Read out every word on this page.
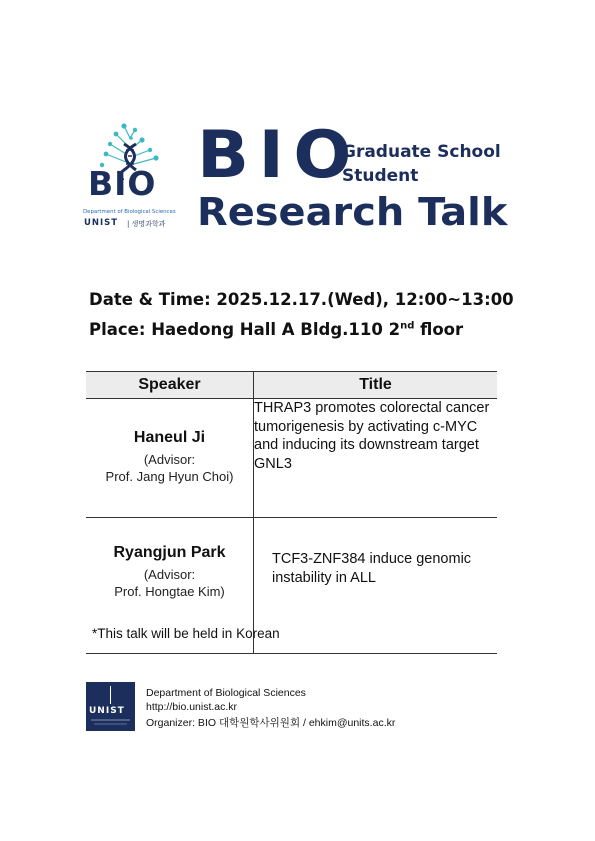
BIO
Department of Biological Sciences
UNIST | 생명과학과
BIO
Graduate School
Student
Research Talk
Date & Time: 2025.12.17.(Wed), 12:00~13:00
Place: Haedong Hall A Bldg.110 2nd floor
Speaker	Title

Haneul Ji
(Advisor:
Prof. Jang Hyun Choi)	THRAP3 promotes colorectal cancer tumorigenesis by activating c-MYC and inducing its downstream target GNL3

Ryangjun Park
(Advisor:
Prof. Hongtae Kim)	TCF3-ZNF384 induce genomic instability in ALL
*This talk will be held in Korean
UNIST
Department of Biological Sciences
http://bio.unist.ac.kr
Organizer: BIO 대학원학사위원회 / ehkim@units.ac.kr
